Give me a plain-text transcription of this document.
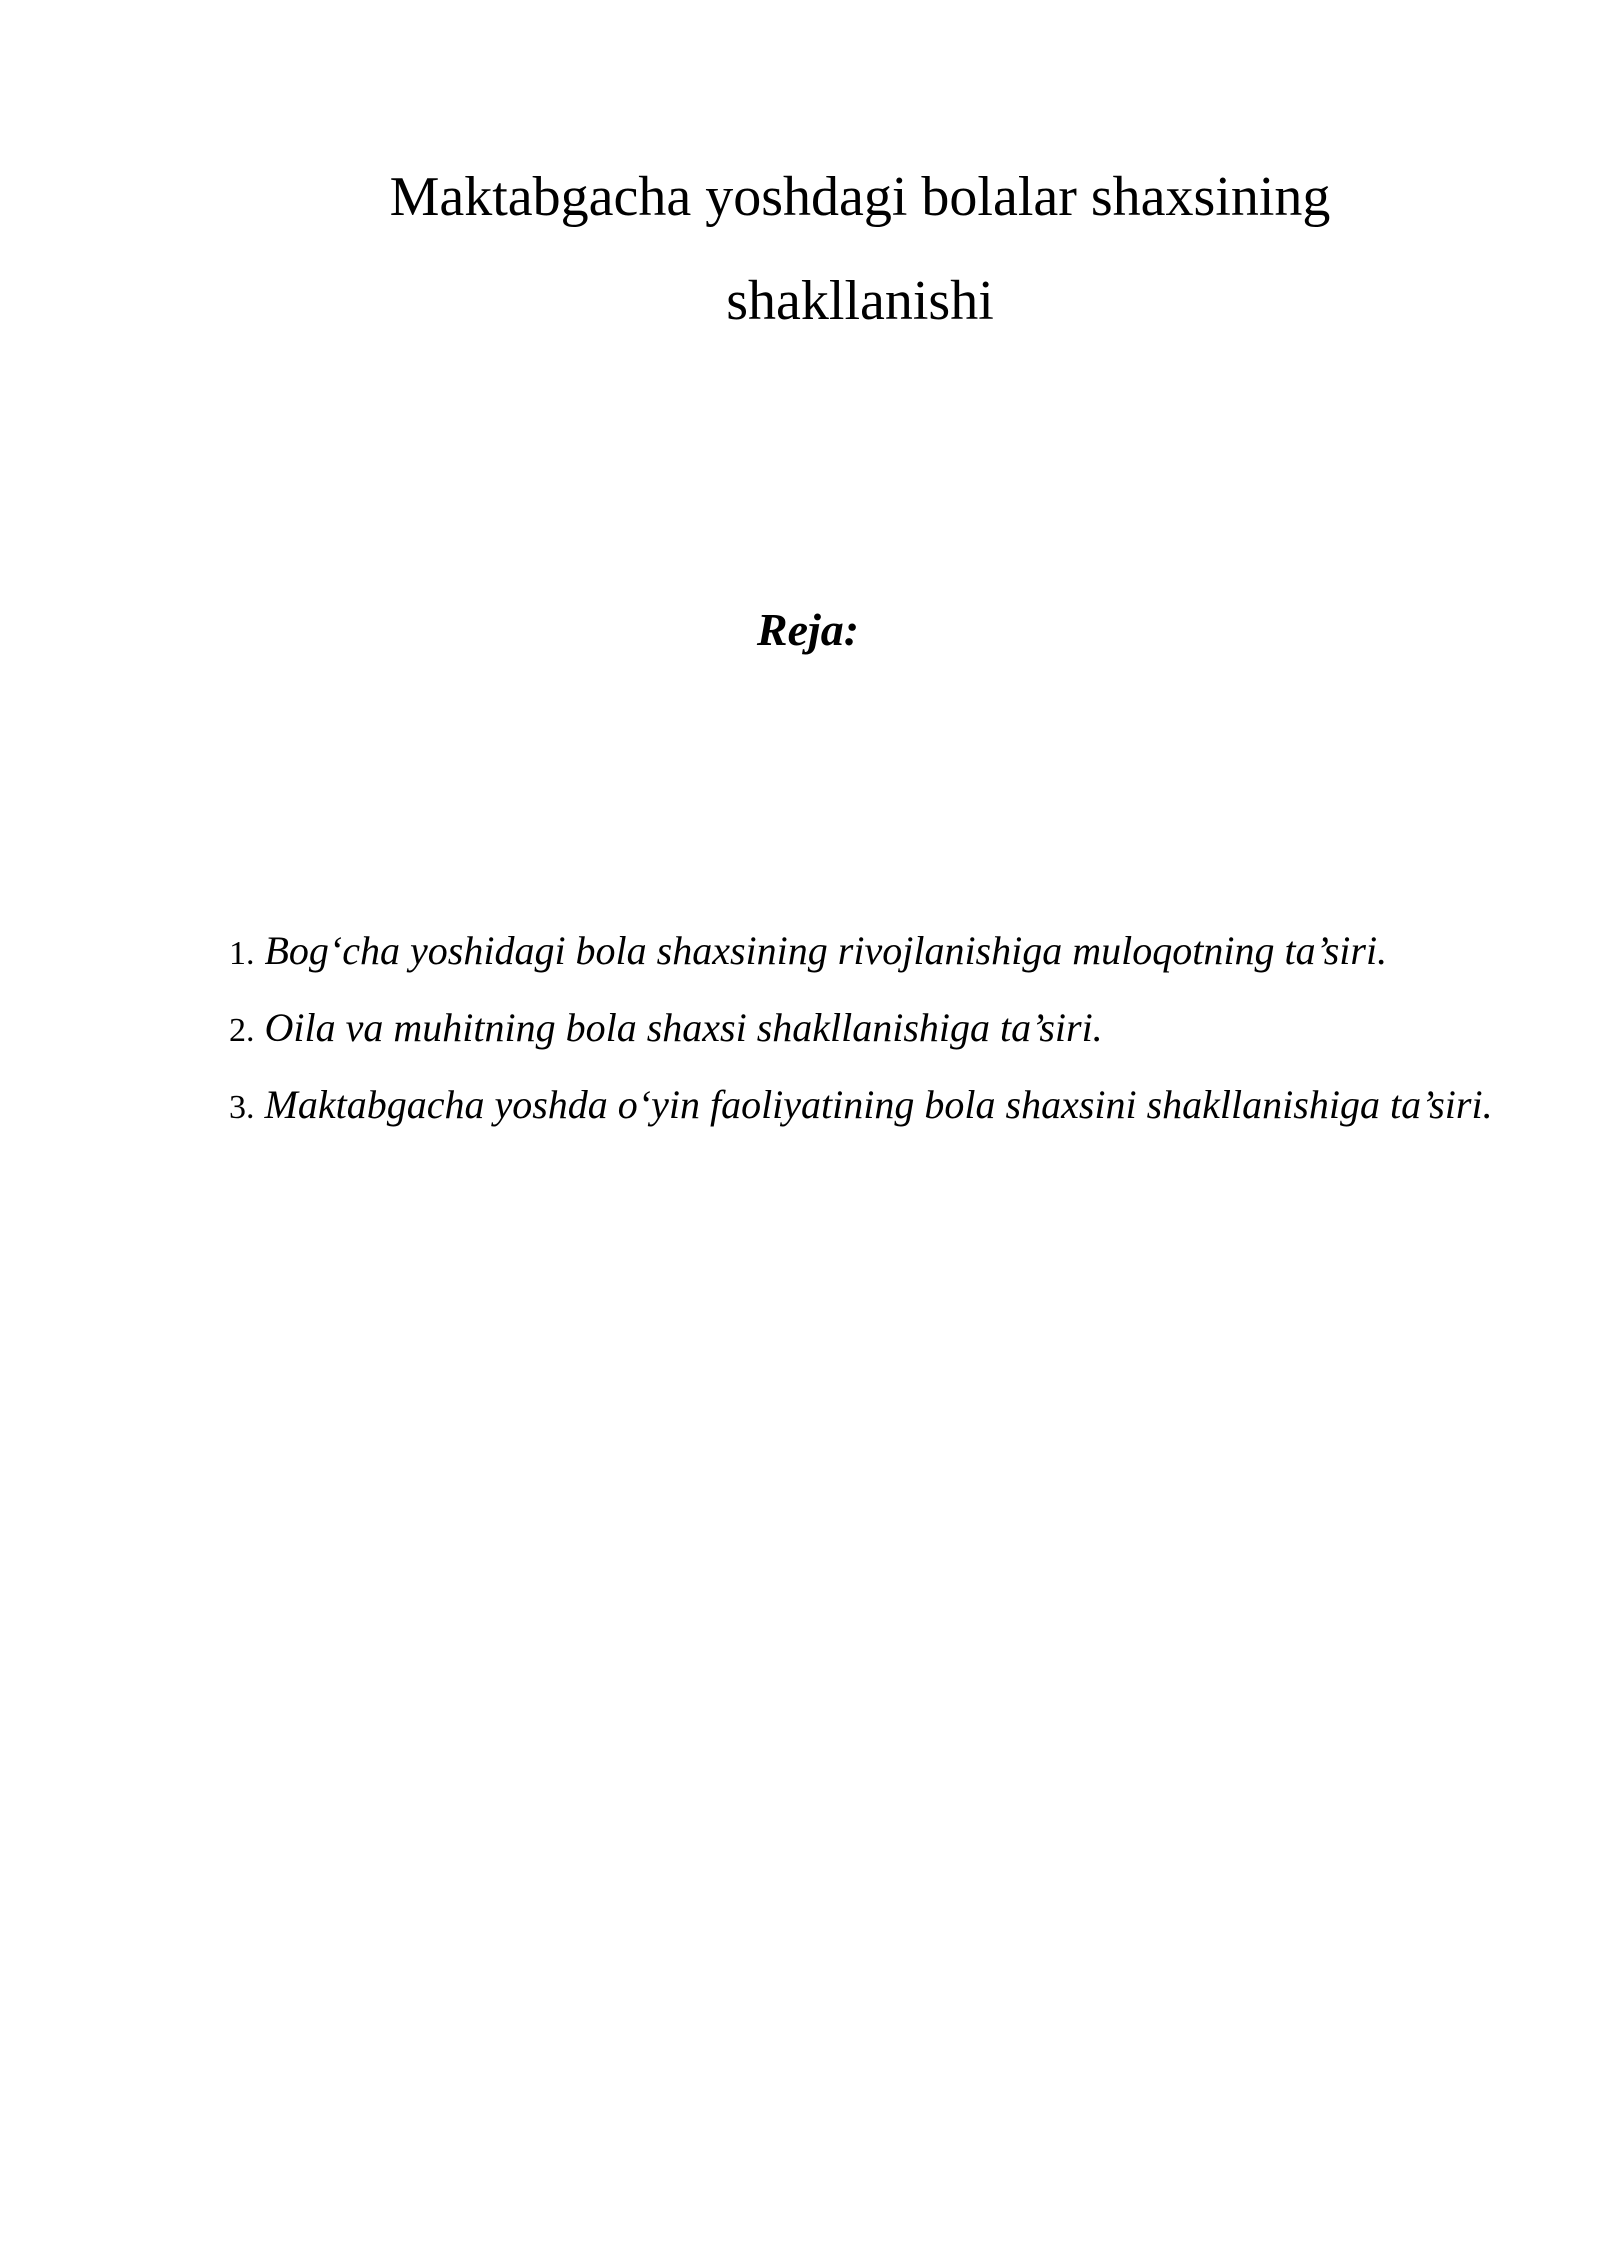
Maktabgacha yoshdagi bolalar shaxsining
shakllanishi
Reja:
1. Bog‘cha yoshidagi bola shaxsining rivojlanishiga muloqotning ta’siri.
2. Oila va muhitning bola shaxsi shakllanishiga ta’siri.
3. Maktabgacha yoshda o‘yin faoliyatining bola shaxsini shakllanishiga ta’siri.
